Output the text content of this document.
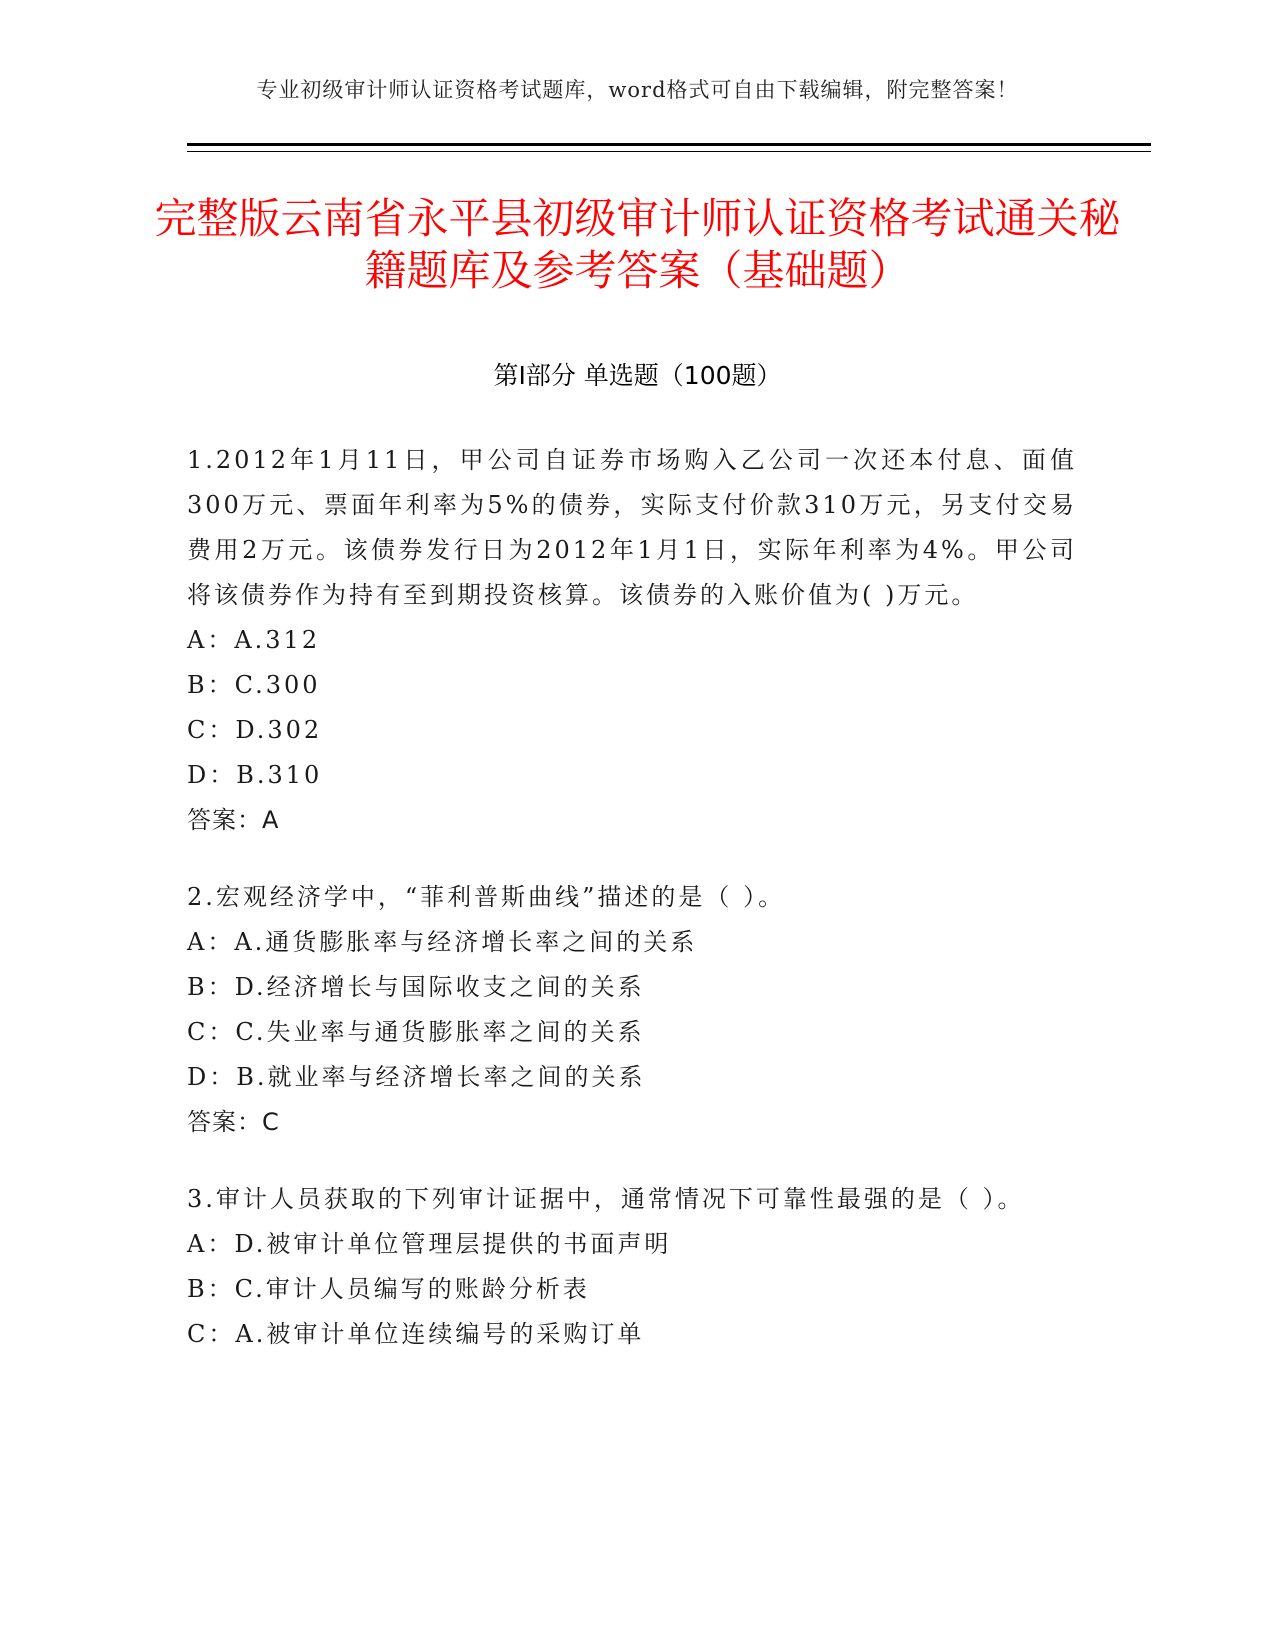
专业初级审计师认证资格考试题库，word格式可自由下载编辑，附完整答案！
完整版云南省永平县初级审计师认证资格考试通关秘籍题库及参考答案（基础题）
第Ⅰ部分 单选题（100题）
1.2012年1月11日，甲公司自证券市场购入乙公司一次还本付息、面值300万元、票面年利率为5%的债券，实际支付价款310万元，另支付交易费用2万元。该债券发行日为2012年1月1日，实际年利率为4%。甲公司将该债券作为持有至到期投资核算。该债券的入账价值为( )万元。
A：A.312
B：C.300
C：D.302
D：B.310
答案：A
2.宏观经济学中，“菲利普斯曲线”描述的是（ ）。
A：A.通货膨胀率与经济增长率之间的关系
B：D.经济增长与国际收支之间的关系
C：C.失业率与通货膨胀率之间的关系
D：B.就业率与经济增长率之间的关系
答案：C
3.审计人员获取的下列审计证据中，通常情况下可靠性最强的是（ ）。
A：D.被审计单位管理层提供的书面声明
B：C.审计人员编写的账龄分析表
C：A.被审计单位连续编号的采购订单
